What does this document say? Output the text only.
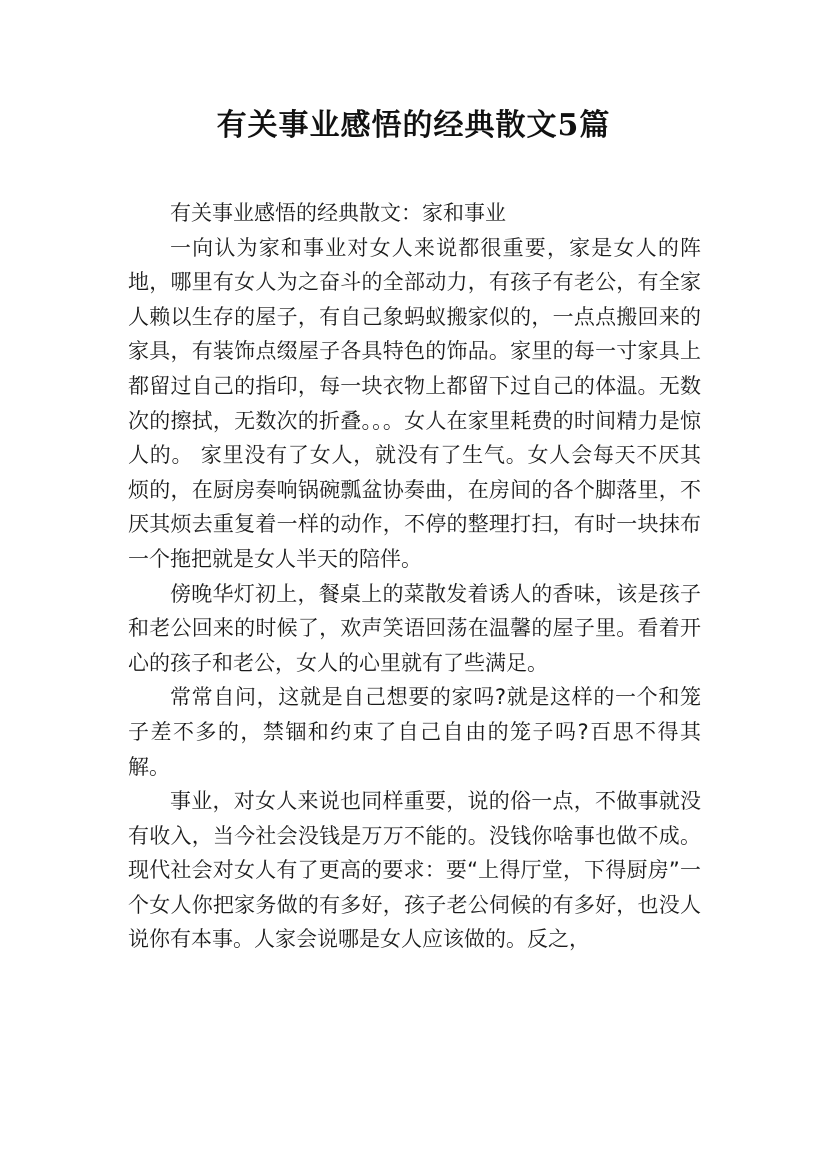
有关事业感悟的经典散文5篇

有关事业感悟的经典散文：家和事业

一向认为家和事业对女人来说都很重要，家是女人的阵地，哪里有女人为之奋斗的全部动力，有孩子有老公，有全家人赖以生存的屋子，有自己象蚂蚁搬家似的，一点点搬回来的家具，有装饰点缀屋子各具特色的饰品。家里的每一寸家具上都留过自己的指印，每一块衣物上都留下过自己的体温。无数次的擦拭，无数次的折叠。。。女人在家里耗费的时间精力是惊人的。 家里没有了女人，就没有了生气。女人会每天不厌其烦的，在厨房奏响锅碗瓢盆协奏曲，在房间的各个脚落里，不厌其烦去重复着一样的动作，不停的整理打扫，有时一块抹布一个拖把就是女人半天的陪伴。

傍晚华灯初上，餐桌上的菜散发着诱人的香味，该是孩子和老公回来的时候了，欢声笑语回荡在温馨的屋子里。看着开心的孩子和老公，女人的心里就有了些满足。

常常自问，这就是自己想要的家吗?就是这样的一个和笼子差不多的，禁锢和约束了自己自由的笼子吗?百思不得其解。

事业，对女人来说也同样重要，说的俗一点，不做事就没有收入，当今社会没钱是万万不能的。没钱你啥事也做不成。现代社会对女人有了更高的要求：要“上得厅堂，下得厨房”一个女人你把家务做的有多好，孩子老公伺候的有多好，也没人说你有本事。人家会说哪是女人应该做的。反之，
